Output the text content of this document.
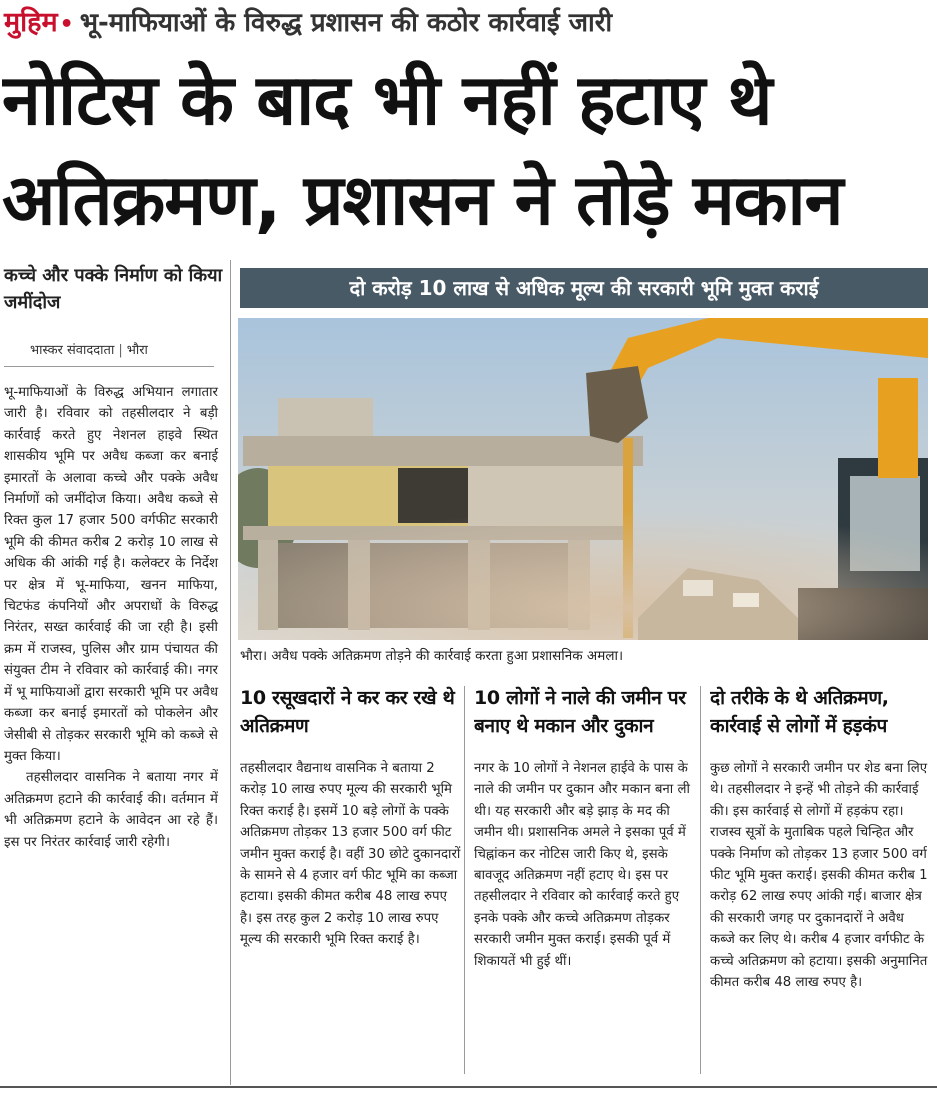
मुहिम• भू-माफियाओं के विरुद्ध प्रशासन की कठोर कार्रवाई जारी
नोटिस के बाद भी नहीं हटाए थे
अतिक्रमण, प्रशासन ने तोड़े मकान
कच्चे और पक्के निर्माण को किया जमींदोज
भास्कर संवाददाता | भौरा
दो करोड़ 10 लाख से अधिक मूल्य की सरकारी भूमि मुक्त कराई
भौरा। अवैध पक्के अतिक्रमण तोड़ने की कार्रवाई करता हुआ प्रशासनिक अमला।

भू-माफियाओं के विरुद्ध अभियान लगातार जारी है। रविवार को तहसीलदार ने बड़ी कार्रवाई करते हुए नेशनल हाइवे स्थित शासकीय भूमि पर अवैध कब्जा कर बनाई इमारतों के अलावा कच्चे और पक्के अवैध निर्माणों को जमींदोज किया। अवैध कब्जे से रिक्त कुल 17 हजार 500 वर्गफीट सरकारी भूमि की कीमत करीब 2 करोड़ 10 लाख से अधिक की आंकी गई है। कलेक्टर के निर्देश पर क्षेत्र में भू-माफिया, खनन माफिया, चिटफंड कंपनियों और अपराधों के विरुद्ध निरंतर, सख्त कार्रवाई की जा रही है। इसी क्रम में राजस्व, पुलिस और ग्राम पंचायत की संयुक्त टीम ने रविवार को कार्रवाई की। नगर में भू माफियाओं द्वारा सरकारी भूमि पर अवैध कब्जा कर बनाई इमारतों को पोकलेन और जेसीबी से तोड़कर सरकारी भूमि को कब्जे से मुक्त किया।

तहसीलदार वासनिक ने बताया नगर में अतिक्रमण हटाने की कार्रवाई की। वर्तमान में भी अतिक्रमण हटाने के आवेदन आ रहे हैं। इस पर निरंतर कार्रवाई जारी रहेगी।

10 रसूखदारों ने कर कर रखे थे अतिक्रमण

तहसीलदार वैद्यनाथ वासनिक ने बताया 2 करोड़ 10 लाख रुपए मूल्य की सरकारी भूमि रिक्त कराई है। इसमें 10 बड़े लोगों के पक्के अतिक्रमण तोड़कर 13 हजार 500 वर्ग फीट जमीन मुक्त कराई है। वहीं 30 छोटे दुकानदारों के सामने से 4 हजार वर्ग फीट भूमि का कब्जा हटाया। इसकी कीमत करीब 48 लाख रुपए है। इस तरह कुल 2 करोड़ 10 लाख रुपए मूल्य की सरकारी भूमि रिक्त कराई है।

10 लोगों ने नाले की जमीन पर बनाए थे मकान और दुकान

नगर के 10 लोगों ने नेशनल हाईवे के पास के नाले की जमीन पर दुकान और मकान बना ली थी। यह सरकारी और बड़े झाड़ के मद की जमीन थी। प्रशासनिक अमले ने इसका पूर्व में चिह्नांकन कर नोटिस जारी किए थे, इसके बावजूद अतिक्रमण नहीं हटाए थे। इस पर तहसीलदार ने रविवार को कार्रवाई करते हुए इनके पक्के और कच्चे अतिक्रमण तोड़कर सरकारी जमीन मुक्त कराई। इसकी पूर्व में शिकायतें भी हुई थीं।

दो तरीके के थे अतिक्रमण, कार्रवाई से लोगों में हड़कंप

कुछ लोगों ने सरकारी जमीन पर शेड बना लिए थे। तहसीलदार ने इन्हें भी तोड़ने की कार्रवाई की। इस कार्रवाई से लोगों में हड़कंप रहा। राजस्व सूत्रों के मुताबिक पहले चिन्हित और पक्के निर्माण को तोड़कर 13 हजार 500 वर्ग फीट भूमि मुक्त कराई। इसकी कीमत करीब 1 करोड़ 62 लाख रुपए आंकी गई। बाजार क्षेत्र की सरकारी जगह पर दुकानदारों ने अवैध कब्जे कर लिए थे। करीब 4 हजार वर्गफीट के कच्चे अतिक्रमण को हटाया। इसकी अनुमानित कीमत करीब 48 लाख रुपए है।
